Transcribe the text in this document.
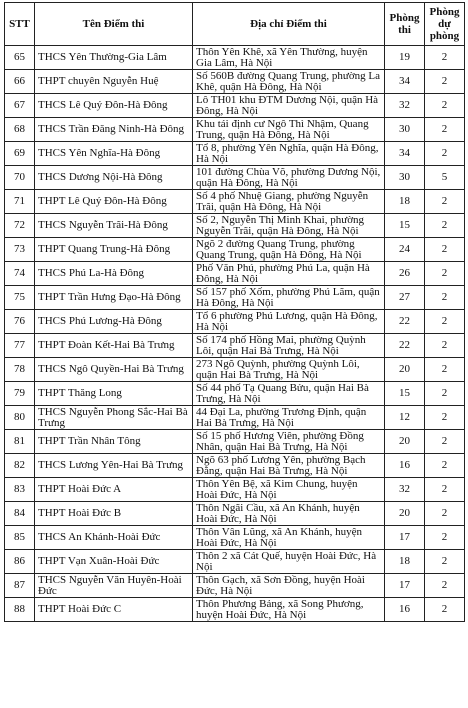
STT	Tên Điểm thi	Địa chỉ Điểm thi	Phòng thi	Phòng dự phòng
65	THCS Yên Thường-Gia Lâm	Thôn Yên Khê, xã Yên Thường, huyện Gia Lâm, Hà Nội	19	2
66	THPT chuyên Nguyễn Huệ	Số 560B đường Quang Trung, phường La Khê, quận Hà Đông, Hà Nội	34	2
67	THCS Lê Quý Đôn-Hà Đông	Lô TH01 khu ĐTM Dương Nội, quận Hà Đông, Hà Nội	32	2
68	THCS Trần Đăng Ninh-Hà Đông	Khu tái định cư Ngô Thì Nhậm, Quang Trung, quận Hà Đông, Hà Nội	30	2
69	THCS Yên Nghĩa-Hà Đông	Tổ 8, phường Yên Nghĩa, quận Hà Đông, Hà Nội	34	2
70	THCS Dương Nội-Hà Đông	101 đường Chùa Võ, phường Dương Nội, quận Hà Đông, Hà Nội	30	5
71	THPT Lê Quý Đôn-Hà Đông	Số 4 phố Nhuệ Giang, phường Nguyễn Trãi, quận Hà Đông, Hà Nội	18	2
72	THCS Nguyễn Trãi-Hà Đông	Số 2, Nguyễn Thị Minh Khai, phường Nguyễn Trãi, quận Hà Đông, Hà Nội	15	2
73	THPT Quang Trung-Hà Đông	Ngõ 2 đường Quang Trung, phường Quang Trung, quận Hà Đông, Hà Nội	24	2
74	THCS Phú La-Hà Đông	Phố Văn Phú, phường Phú La, quận Hà Đông, Hà Nội	26	2
75	THPT Trần Hưng Đạo-Hà Đông	Số 157 phố Xốm, phường Phú Lãm, quận Hà Đông, Hà Nội	27	2
76	THCS Phú Lương-Hà Đông	Tổ 6 phường Phú Lương, quận Hà Đông, Hà Nội	22	2
77	THPT Đoàn Kết-Hai Bà Trưng	Số 174 phố Hồng Mai, phường Quỳnh Lôi, quận Hai Bà Trưng, Hà Nội	22	2
78	THCS Ngô Quyền-Hai Bà Trưng	273 Ngõ Quỳnh, phường Quỳnh Lôi, quận Hai Bà Trưng, Hà Nội	20	2
79	THPT Thăng Long	Số 44 phố Tạ Quang Bửu, quận Hai Bà Trưng, Hà Nội	15	2
80	THCS Nguyễn Phong Sắc-Hai Bà Trưng	44 Đại La, phường Trương Định, quận Hai Bà Trưng, Hà Nội	12	2
81	THPT Trần Nhân Tông	Số 15 phố Hương Viên, phường Đồng Nhân, quận Hai Bà Trưng, Hà Nội	20	2
82	THCS Lương Yên-Hai Bà Trưng	Ngõ 63 phố Lương Yên, phường Bạch Đằng, quận Hai Bà Trưng, Hà Nội	16	2
83	THPT Hoài Đức A	Thôn Yên Bệ, xã Kim Chung, huyện Hoài Đức, Hà Nội	32	2
84	THPT Hoài Đức B	Thôn Ngãi Cầu, xã An Khánh, huyện Hoài Đức, Hà Nội	20	2
85	THCS An Khánh-Hoài Đức	Thôn Vân Lũng, xã An Khánh, huyện Hoài Đức, Hà Nội	17	2
86	THPT Vạn Xuân-Hoài Đức	Thôn 2 xã Cát Quế, huyện Hoài Đức, Hà Nội	18	2
87	THCS Nguyễn Văn Huyên-Hoài Đức	Thôn Gạch, xã Sơn Đồng, huyện Hoài Đức, Hà Nội	17	2
88	THPT Hoài Đức C	Thôn Phương Bảng, xã Song Phương, huyện Hoài Đức, Hà Nội	16	2
